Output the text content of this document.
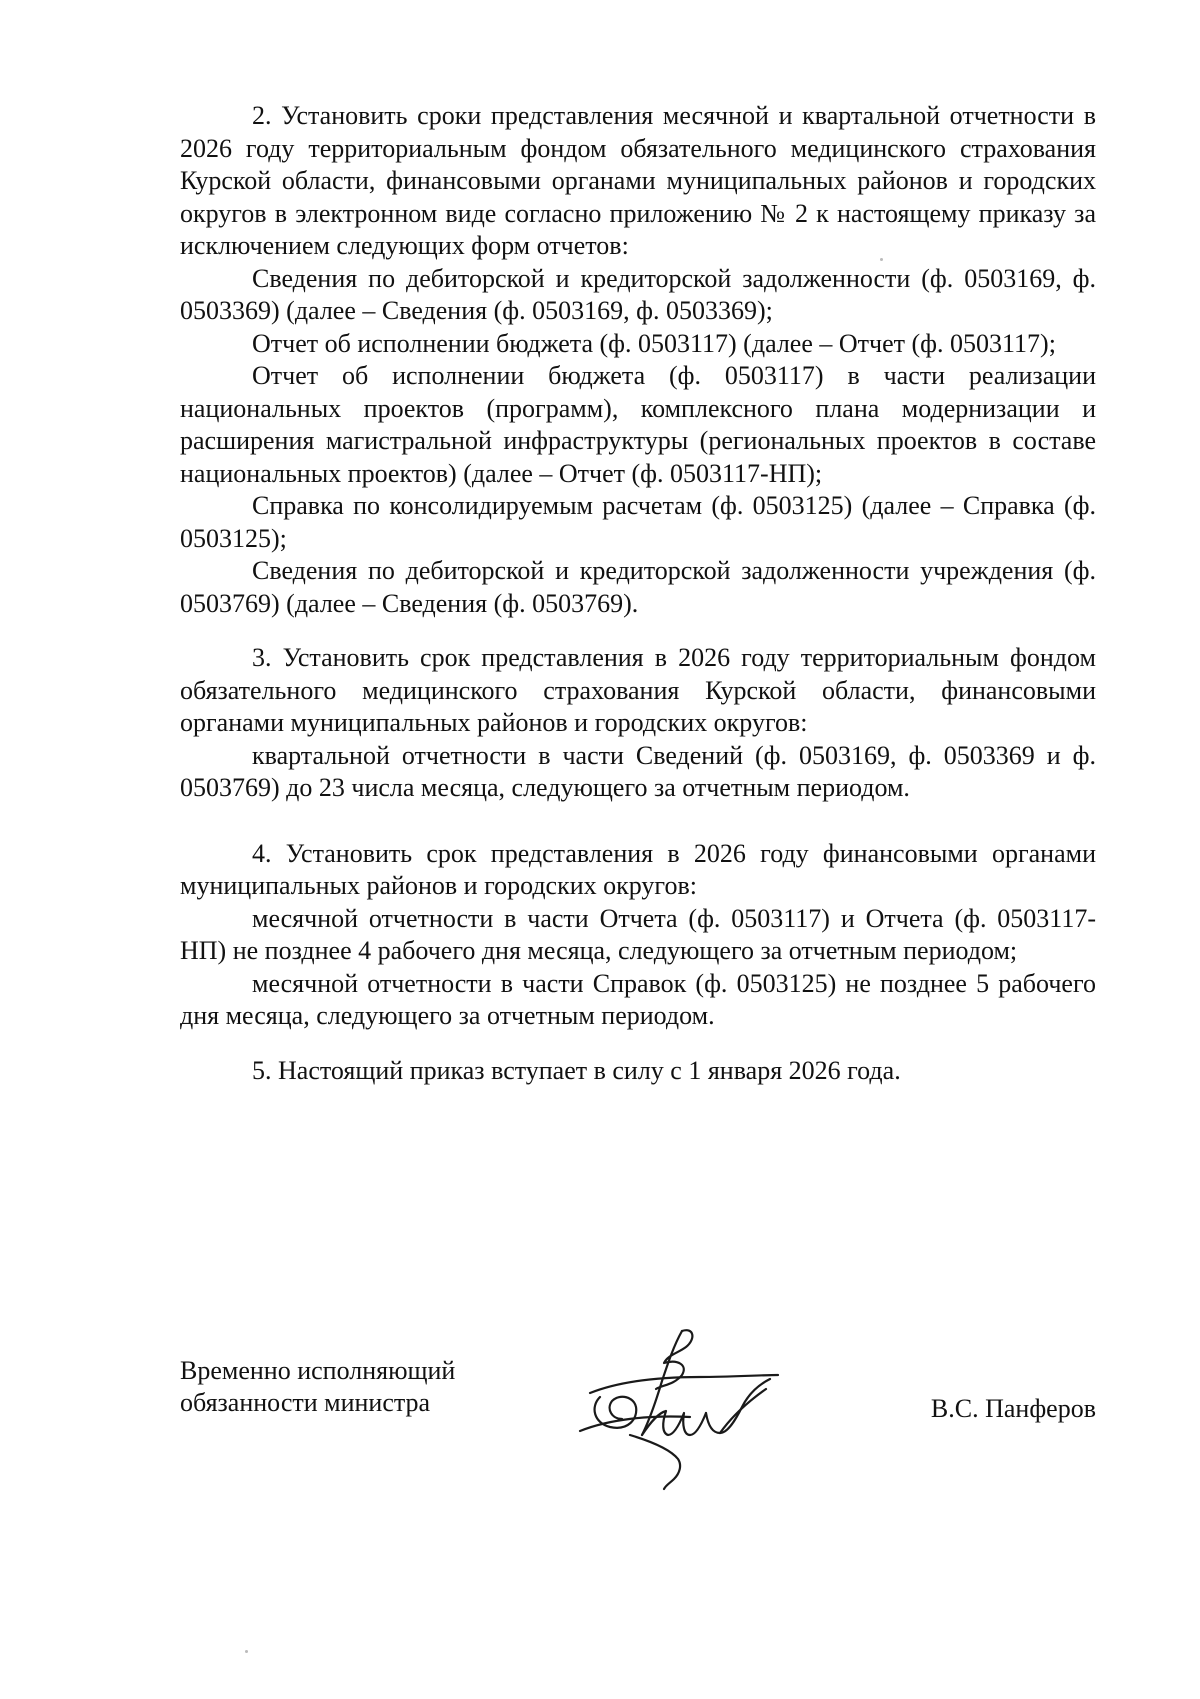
2. Установить сроки представления месячной и квартальной отчетности в 2026 году территориальным фондом обязательного медицинского страхования Курской области, финансовыми органами муниципальных районов и городских округов в электронном виде согласно приложению № 2 к настоящему приказу за исключением следующих форм отчетов:

Сведения по дебиторской и кредиторской задолженности (ф. 0503169, ф. 0503369) (далее – Сведения (ф. 0503169, ф. 0503369);

Отчет об исполнении бюджета (ф. 0503117) (далее – Отчет (ф. 0503117);

Отчет об исполнении бюджета (ф. 0503117) в части реализации национальных проектов (программ), комплексного плана модернизации и расширения магистральной инфраструктуры (региональных проектов в составе национальных проектов) (далее – Отчет (ф. 0503117-НП);

Справка по консолидируемым расчетам (ф. 0503125) (далее – Справка (ф. 0503125);

Сведения по дебиторской и кредиторской задолженности учреждения (ф. 0503769) (далее – Сведения (ф. 0503769).

3. Установить срок представления в 2026 году территориальным фондом обязательного медицинского страхования Курской области, финансовыми органами муниципальных районов и городских округов:

квартальной отчетности в части Сведений (ф. 0503169, ф. 0503369 и ф. 0503769) до 23 числа месяца, следующего за отчетным периодом.

4. Установить срок представления в 2026 году финансовыми органами муниципальных районов и городских округов:

месячной отчетности в части Отчета (ф. 0503117) и Отчета (ф. 0503117-НП) не позднее 4 рабочего дня месяца, следующего за отчетным периодом;

месячной отчетности в части Справок (ф. 0503125) не позднее 5 рабочего дня месяца, следующего за отчетным периодом.

5. Настоящий приказ вступает в силу с 1 января 2026 года.

Временно исполняющий
обязанности министра	В.С. Панферов
